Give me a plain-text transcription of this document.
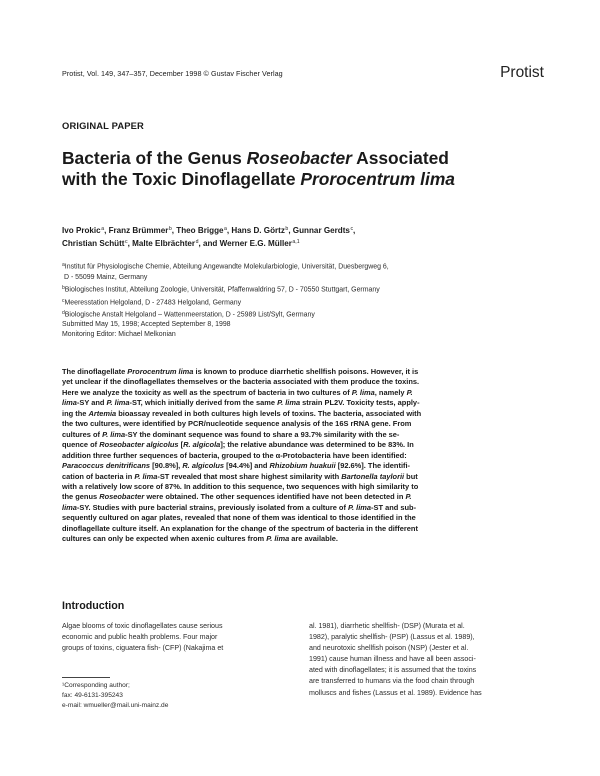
Protist, Vol. 149, 347–357, December 1998 © Gustav Fischer Verlag	Protist
ORIGINAL PAPER
Bacteria of the Genus Roseobacter Associated
with the Toxic Dinoflagellate Prorocentrum lima
Ivo Prokic$^a$, Franz Brümmer$^b$, Theo Brigge$^a$, Hans D. Görtz$^b$, Gunnar Gerdts$^c$,
Christian Schütt$^c$, Malte Elbrächter$^d$, and Werner E.G. Müller$^{a,1}$
$^a$Institut für Physiologische Chemie, Abteilung Angewandte Molekularbiologie, Universität, Duesbergweg 6,
D - 55099 Mainz, Germany
$^b$Biologisches Institut, Abteilung Zoologie, Universität, Pfaffenwaldring 57, D - 70550 Stuttgart, Germany
$^c$Meeresstation Helgoland, D - 27483 Helgoland, Germany
$^d$Biologische Anstalt Helgoland – Wattenmeerstation, D - 25989 List/Sylt, Germany
Submitted May 15, 1998; Accepted September 8, 1998
Monitoring Editor: Michael Melkonian
The dinoflagellate Prorocentrum lima is known to produce diarrhetic shellfish poisons. However, it is
yet unclear if the dinoflagellates themselves or the bacteria associated with them produce the toxins.
Here we analyze the toxicity as well as the spectrum of bacteria in two cultures of P. lima, namely P.
lima-SY and P. lima-ST, which initially derived from the same P. lima strain PL2V. Toxicity tests, apply-
ing the Artemia bioassay revealed in both cultures high levels of toxins. The bacteria, associated with
the two cultures, were identified by PCR/nucleotide sequence analysis of the 16S rRNA gene. From
cultures of P. lima-SY the dominant sequence was found to share a 93.7% similarity with the se-
quence of Roseobacter algicolus [R. algicola]; the relative abundance was determined to be 83%. In
addition three further sequences of bacteria, grouped to the α-Protobacteria have been identified:
Paracoccus denitrificans [90.8%], R. algicolus [94.4%] and Rhizobium huakuii [92.6%]. The identifi-
cation of bacteria in P. lima-ST revealed that most share highest similarity with Bartonella taylorii but
with a relatively low score of 87%. In addition to this sequence, two sequences with high similarity to
the genus Roseobacter were obtained. The other sequences identified have not been detected in P.
lima-SY. Studies with pure bacterial strains, previously isolated from a culture of P. lima-ST and sub-
sequently cultured on agar plates, revealed that none of them was identical to those identified in the
dinoflagellate culture itself. An explanation for the change of the spectrum of bacteria in the different
cultures can only be expected when axenic cultures from P. lima are available.
Introduction
Algae blooms of toxic dinoflagellates cause serious
economic and public health problems. Four major
groups of toxins, ciguatera fish- (CFP) (Nakajima et
al. 1981), diarrhetic shellfish- (DSP) (Murata et al.
1982), paralytic shellfish- (PSP) (Lassus et al. 1989),
and neurotoxic shellfish poison (NSP) (Jester et al.
1991) cause human illness and have all been associ-
ated with dinoflagellates; it is assumed that the toxins
are transferred to humans via the food chain through
molluscs and fishes (Lassus et al. 1989). Evidence has
¹Corresponding author;
fax: 49-6131-395243
e-mail: wmueller@mail.uni-mainz.de
